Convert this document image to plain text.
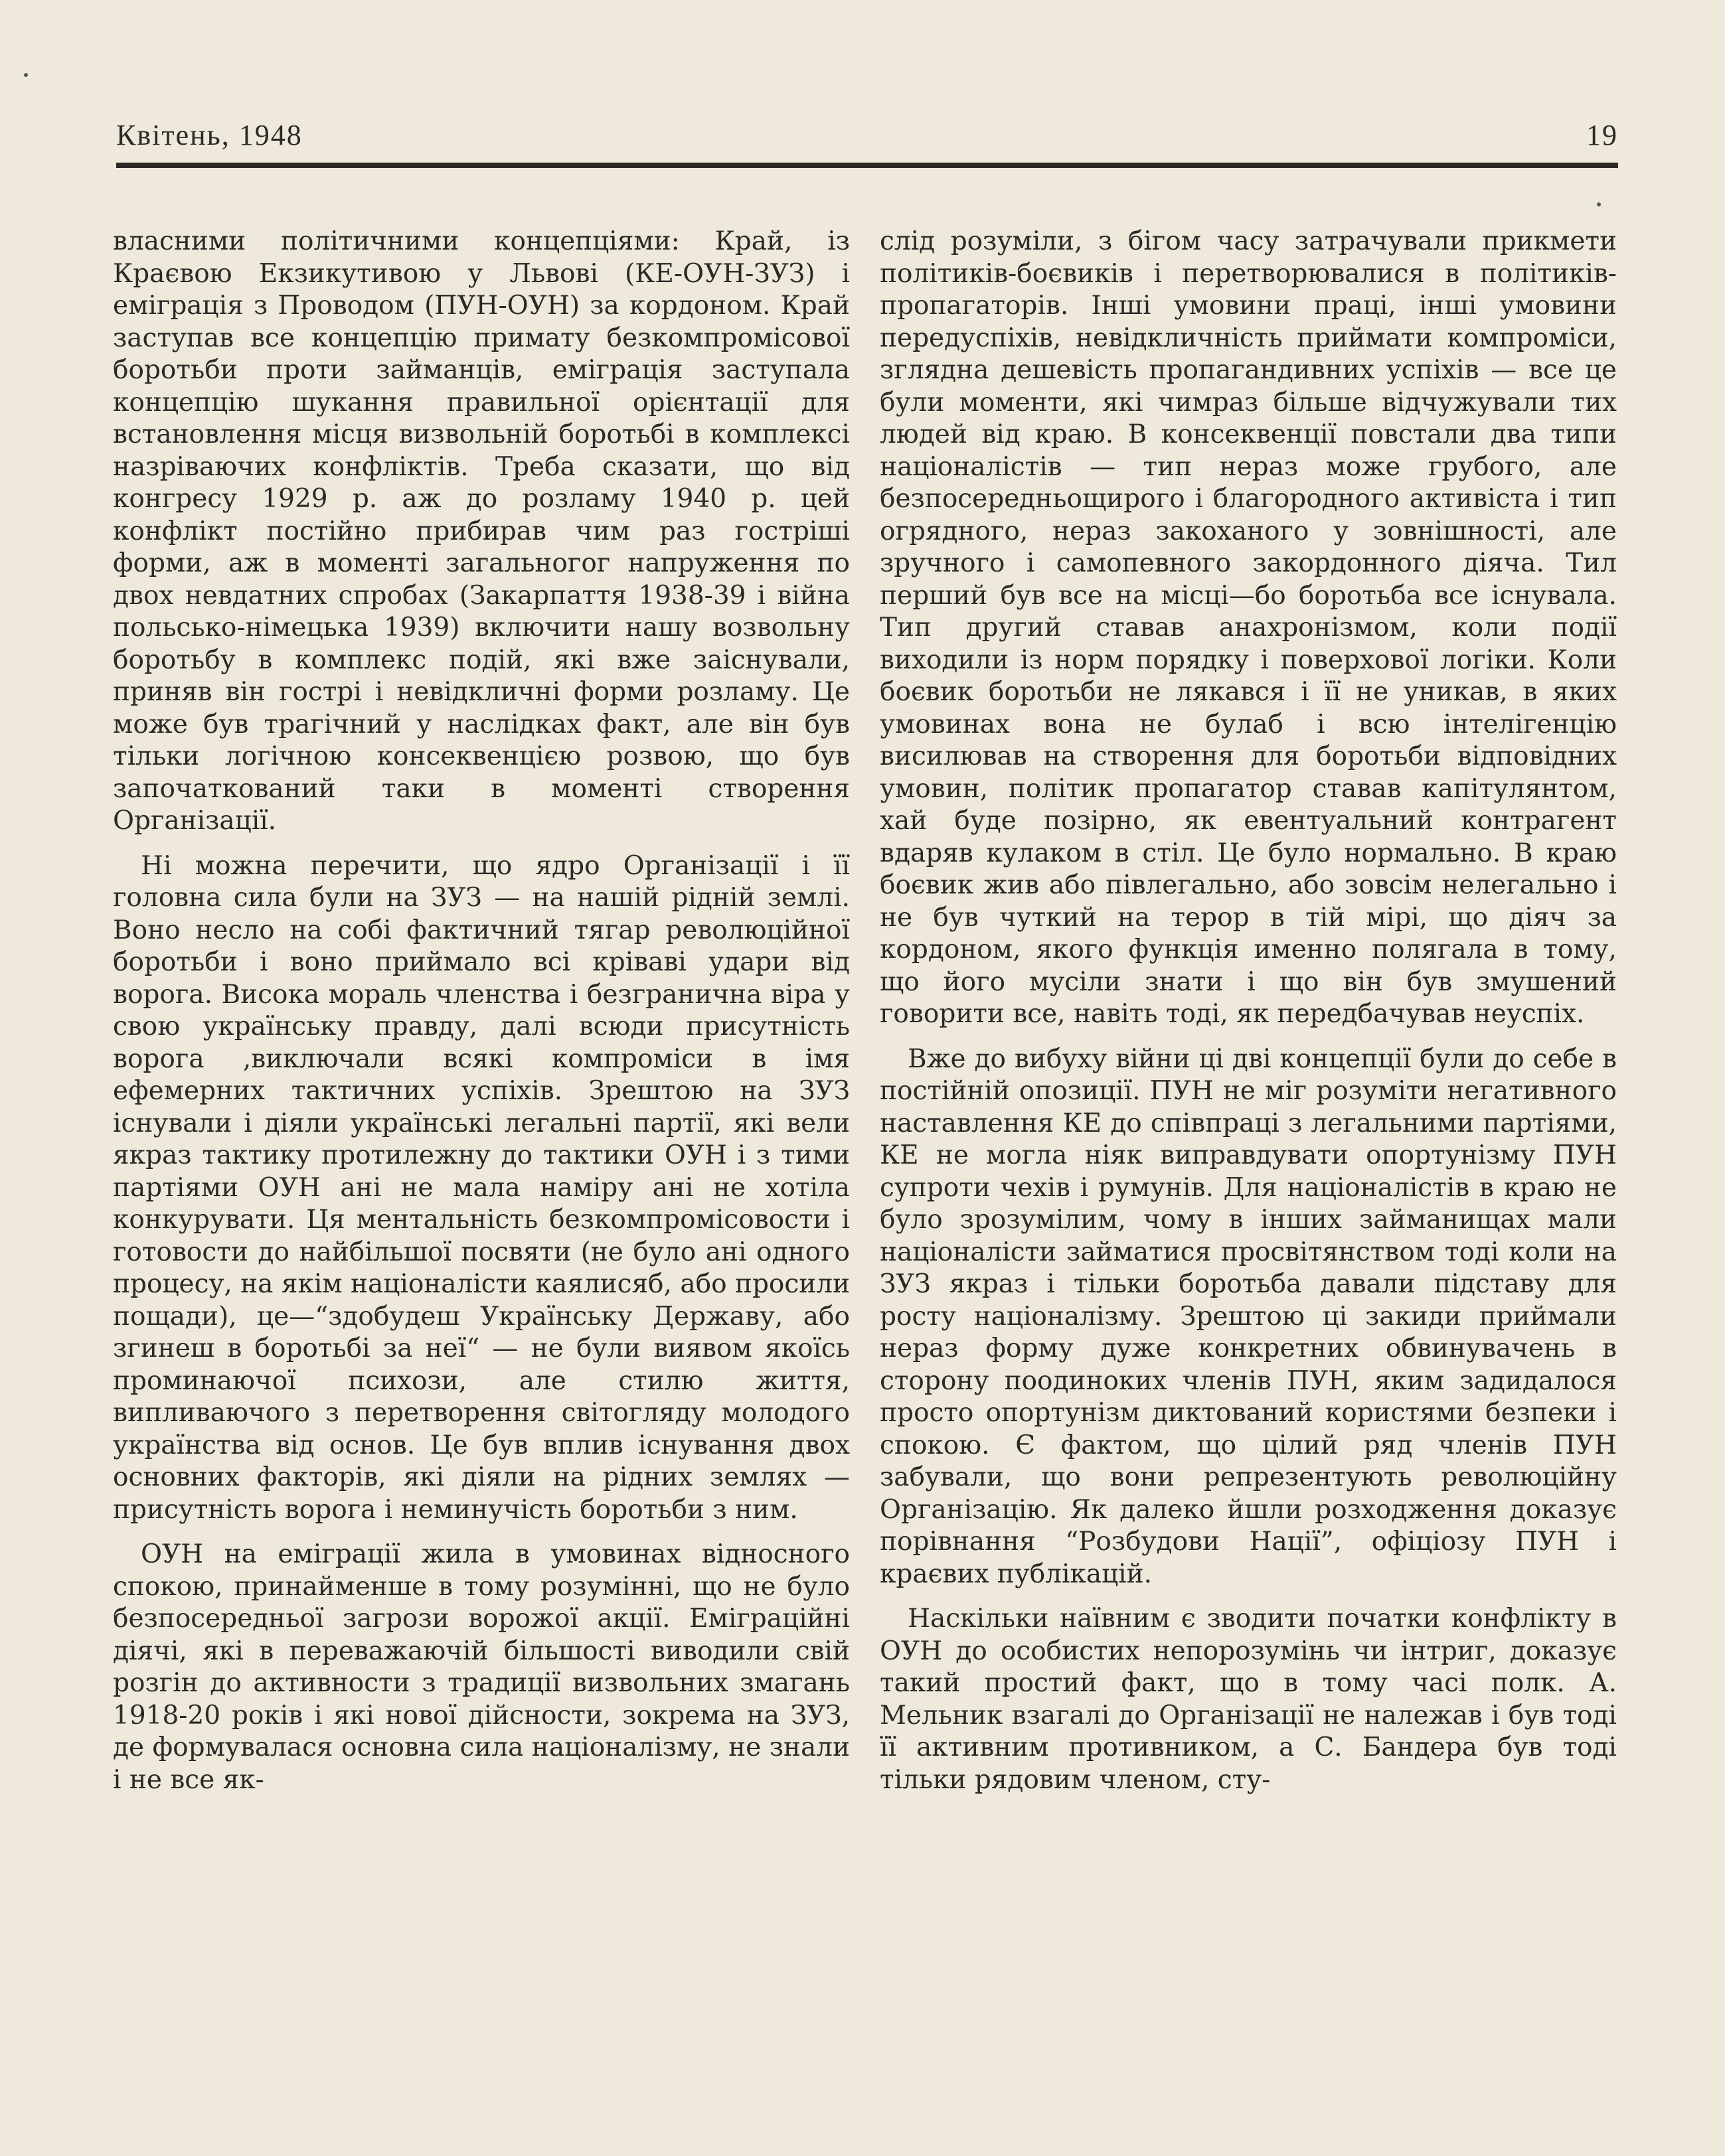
Квітень, 1948	19

власними політичними концепціями: Край, із Краєвою Екзикутивою у Львові (КЕ-ОУН-ЗУЗ) і еміграція з Проводом (ПУН-ОУН) за кордоном. Край заступав все концепцію примату безкомпромісової боротьби проти займанців, еміграція заступала концепцію шукання правильної орієнтації для встановлення місця визвольній боротьбі в комплексі назріваючих конфліктів. Треба сказати, що від конгресу 1929 р. аж до розламу 1940 р. цей конфлікт постійно прибирав чим раз гостріші форми, аж в моменті загальногог напруження по двох невдатних спробах (Закарпаття 1938-39 і війна польсько-німецька 1939) включити нашу возвольну боротьбу в комплекс подій, які вже заіснували, приняв він гострі і невідкличні форми розламу. Це може був трагічний у наслідках факт, але він був тільки логічною консеквенцією розвою, що був започаткований таки в моменті створення Організації.

Ні можна перечити, що ядро Організації і її головна сила були на ЗУЗ — на нашій рідній землі. Воно несло на собі фактичний тягар революційної боротьби і воно приймало всі кріваві удари від ворога. Висока мораль членства і безгранична віра у свою українську правду, далі всюди присутність ворога ,виключали всякі компроміси в імя ефемерних тактичних успіхів. Зрештою на ЗУЗ існували і діяли українські легальні партії, які вели якраз тактику протилежну до тактики ОУН і з тими партіями ОУН ані не мала наміру ані не хотіла конкурувати. Ця ментальність безкомпромісовости і готовости до найбільшої посвяти (не було ані одного процесу, на якім націоналісти каялисяб, або просили пощади), це—“здобудеш Українську Державу, або згинеш в боротьбі за неї“ — не були виявом якоїсь проминаючої психози, але стилю життя, випливаючого з перетворення світогляду молодого українства від основ. Це був вплив існування двох основних факторів, які діяли на рідних землях — присутність ворога і неминучість боротьби з ним.

ОУН на еміграції жила в умовинах відносного спокою, принайменше в тому розумінні, що не було безпосередньої загрози ворожої акції. Еміграційні діячі, які в переважаючій більшості виводили свій розгін до активности з традиції визвольних змагань 1918-20 років і які нової дійсности, зокрема на ЗУЗ, де формувалася основна сила націоналізму, не знали і не все як-

слід розуміли, з бігом часу затрачували прикмети політиків-боєвиків і перетворювалися в політиків-пропагаторів. Інші умовини праці, інші умовини передуспіхів, невідкличність приймати компроміси, зглядна дешевість пропагандивних успіхів — все це були моменти, які чимраз більше відчужували тих людей від краю. В консеквенції повстали два типи націоналістів — тип нераз може грубого, але безпосередньощирого і благородного активіста і тип огрядного, нераз закоханого у зовнішності, але зручного і самопевного закордонного діяча. Тил перший був все на місці—бо боротьба все існувала. Тип другий ставав анахронізмом, коли події виходили із норм порядку і поверхової логіки. Коли боєвик боротьби не лякався і її не уникав, в яких умовинах вона не булаб і всю інтелігенцію висилював на створення для боротьби відповідних умовин, політик пропагатор ставав капітулянтом, хай буде позірно, як евентуальний контрагент вдаряв кулаком в стіл. Це було нормально. В краю боєвик жив або півлегально, або зовсім нелегально і не був чуткий на терор в тій мірі, що діяч за кордоном, якого функція именно полягала в тому, що його мусіли знати і що він був змушений говорити все, навіть тоді, як передбачував неуспіх.

Вже до вибуху війни ці дві концепції були до себе в постійній опозиції. ПУН не міг розуміти негативного наставлення КЕ до співпраці з легальними партіями, КЕ не могла ніяк виправдувати опортунізму ПУН супроти чехів і румунів. Для націоналістів в краю не було зрозумілим, чому в інших займанищах мали націоналісти займатися просвітянством тоді коли на ЗУЗ якраз і тільки боротьба давали підставу для росту націоналізму. Зрештою ці закиди приймали нераз форму дуже конкретних обвинувачень в сторону поодиноких членів ПУН, яким задидалося просто опортунізм диктований користями безпеки і спокою. Є фактом, що цілий ряд членів ПУН забували, що вони репрезентують революційну Організацію. Як далеко йшли розходження доказує порівнання “Розбудови Нації”, офіціозу ПУН і краєвих публікацій.

Наскільки наївним є зводити початки конфлікту в ОУН до особистих непорозумінь чи інтриг, доказує такий простий факт, що в тому часі полк. А. Мельник взагалі до Організації не належав і був тоді її активним противником, а С. Бандера був тоді тільки рядовим членом, сту-
